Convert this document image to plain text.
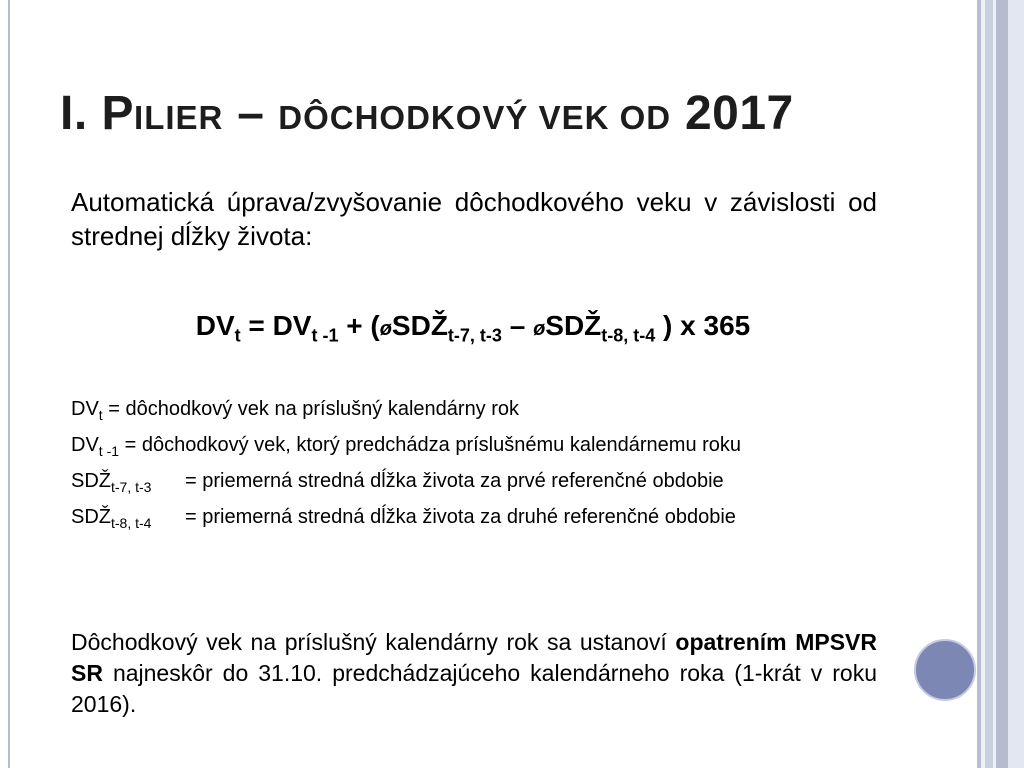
I. PILIER – DÔCHODKOVÝ VEK OD 2017
Automatická úprava/zvyšovanie dôchodkového veku v závislosti od strednej dĺžky života:
$DV_t = DV_{t -1}$ + (øSDŽ$_{t-7, t-3}$ – øSDŽ$_{t-8, t-4}$ ) x 365
$DV_t$ = dôchodkový vek na príslušný kalendárny rok
$DV_{t -1}$ = dôchodkový vek, ktorý predchádza príslušnému kalendárnemu roku
$SDŽ_{t-7, t-3}$ = priemerná stredná dĺžka života za prvé referenčné obdobie
$SDŽ_{t-8, t-4}$ = priemerná stredná dĺžka života za druhé referenčné obdobie
Dôchodkový vek na príslušný kalendárny rok sa ustanoví opatrením MPSVR SR najneskôr do 31.10. predchádzajúceho kalendárneho roka (1-krát v roku 2016).
